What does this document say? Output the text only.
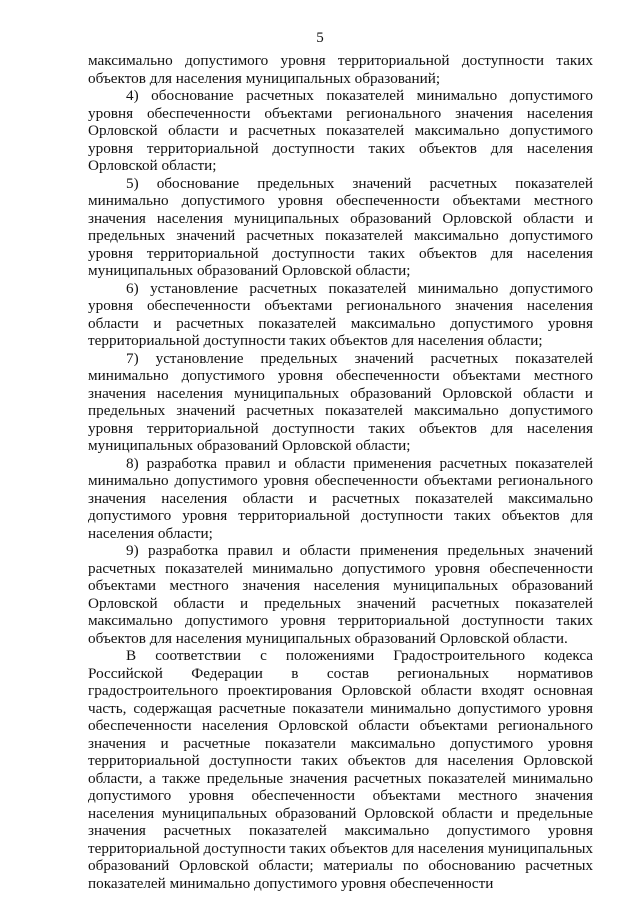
5

максимально допустимого уровня территориальной доступности таких объектов для населения муниципальных образований;

4) обоснование расчетных показателей минимально допустимого уровня обеспеченности объектами регионального значения населения Орловской области и расчетных показателей максимально допустимого уровня территориальной доступности таких объектов для населения Орловской области;

5) обоснование предельных значений расчетных показателей минимально допустимого уровня обеспеченности объектами местного значения населения муниципальных образований Орловской области и предельных значений расчетных показателей максимально допустимого уровня территориальной доступности таких объектов для населения муниципальных образований Орловской области;

6) установление расчетных показателей минимально допустимого уровня обеспеченности объектами регионального значения населения области и расчетных показателей максимально допустимого уровня территориальной доступности таких объектов для населения области;

7) установление предельных значений расчетных показателей минимально допустимого уровня обеспеченности объектами местного значения населения муниципальных образований Орловской области и предельных значений расчетных показателей максимально допустимого уровня территориальной доступности таких объектов для населения муниципальных образований Орловской области;

8) разработка правил и области применения расчетных показателей минимально допустимого уровня обеспеченности объектами регионального значения населения области и расчетных показателей максимально допустимого уровня территориальной доступности таких объектов для населения области;

9) разработка правил и области применения предельных значений расчетных показателей минимально допустимого уровня обеспеченности объектами местного значения населения муниципальных образований Орловской области и предельных значений расчетных показателей максимально допустимого уровня территориальной доступности таких объектов для населения муниципальных образований Орловской области.

В соответствии с положениями Градостроительного кодекса Российской Федерации в состав региональных нормативов градостроительного проектирования Орловской области входят основная часть, содержащая расчетные показатели минимально допустимого уровня обеспеченности населения Орловской области объектами регионального значения и расчетные показатели максимально допустимого уровня территориальной доступности таких объектов для населения Орловской области, а также предельные значения расчетных показателей минимально допустимого уровня обеспеченности объектами местного значения населения муниципальных образований Орловской области и предельные значения расчетных показателей максимально допустимого уровня территориальной доступности таких объектов для населения муниципальных образований Орловской области; материалы по обоснованию расчетных показателей минимально допустимого уровня обеспеченности
